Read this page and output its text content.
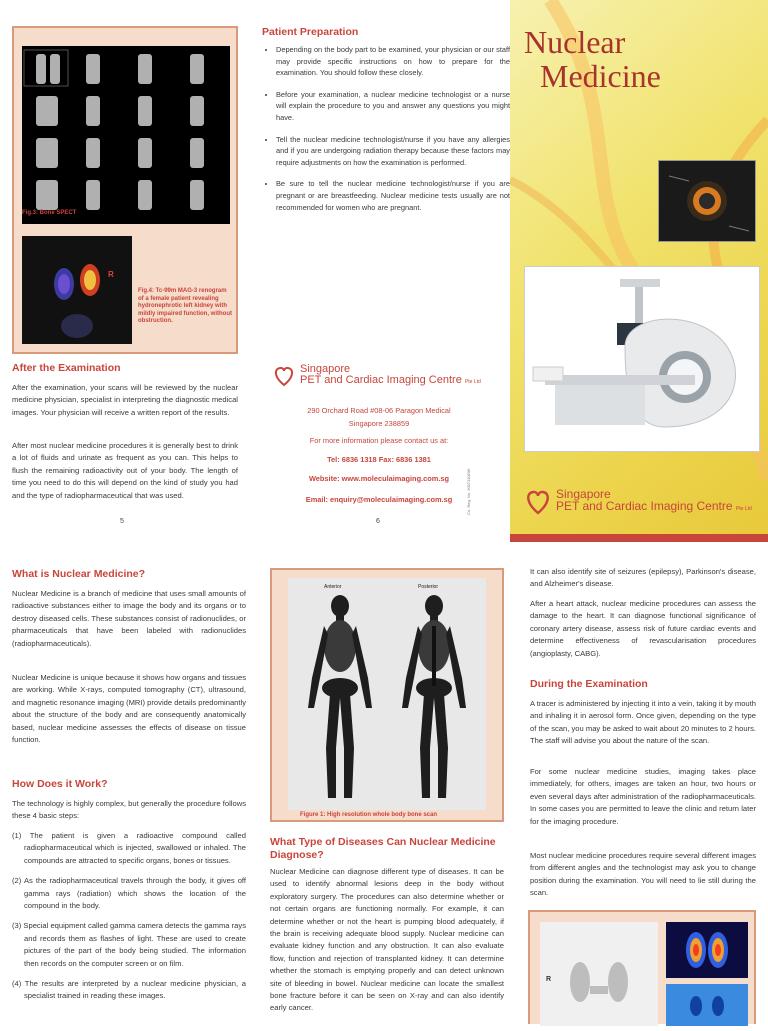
Fig.3: Bone SPECT
R
Fig.4: Tc-99m MAG-3 renogram of a female patient revealing hydronephrotic left kidney with mildly impaired function, without obstruction.
After the Examination

After the examination, your scans will be reviewed by the nuclear medicine physician, specialist in interpreting the diagnostic medical images. Your physician will receive a written report of the results.

After most nuclear medicine procedures it is generally best to drink a lot of fluids and urinate as frequent as you can. This helps to flush the remaining radioactivity out of your body. The length of time you need to do this will depend on the kind of study you had and the type of radiopharmaceutical that was used.

5
Patient Preparation
• Depending on the body part to be examined, your physician or our staff may provide specific instructions on how to prepare for the examination. You should follow these closely.
• Before your examination, a nuclear medicine technologist or a nurse will explain the procedure to you and answer any questions you might have.
• Tell the nuclear medicine technologist/nurse if you have any allergies and if you are undergoing radiation therapy because these factors may require adjustments on how the examination is performed.
• Be sure to tell the nuclear medicine technologist/nurse if you are pregnant or are breastfeeding. Nuclear medicine tests usually are not recommended for women who are pregnant.
Singapore
PET and Cardiac Imaging Centre Pte Ltd
290 Orchard Road #08-06 Paragon Medical
Singapore 238859
For more information please contact us at:
Tel: 6836 1318 Fax: 6836 1381
Website: www.moleculaimaging.com.sg
Email: enquiry@moleculaimaging.com.sg	Co. Reg. No. 200711083K
6
Nuclear
Medicine
Singapore
PET and Cardiac Imaging Centre Pte Ltd
What is Nuclear Medicine?

Nuclear Medicine is a branch of medicine that uses small amounts of radioactive substances either to image the body and its organs or to destroy diseased cells. These substances consist of radionuclides, or pharmaceuticals that have been labeled with radionuclides (radiopharmaceuticals).

Nuclear Medicine is unique because it shows how organs and tissues are working. While X-rays, computed tomography (CT), ultrasound, and magnetic resonance imaging (MRI) provide details predominantly about the structure of the body and are consequently anatomically based, nuclear medicine assesses the effects of disease on tissue function.

How Does it Work?

The technology is highly complex, but generally the procedure follows these 4 basic steps:

(1) The patient is given a radioactive compound called radiopharmaceutical which is injected, swallowed or inhaled. The compounds are attracted to specific organs, bones or tissues.
(2) As the radiopharmaceutical travels through the body, it gives off gamma rays (radiation) which shows the location of the compound in the body.
(3) Special equipment called gamma camera detects the gamma rays and records them as flashes of light. These are used to create pictures of the part of the body being studied. The information then records on the computer screen or on film.
(4) The results are interpreted by a nuclear medicine physician, a specialist trained in reading these images.
Anterior	Posterior
Figure 1: High resolution whole body bone scan
What Type of Diseases Can Nuclear Medicine Diagnose?

Nuclear Medicine can diagnose different type of diseases. It can be used to identify abnormal lesions deep in the body without exploratory surgery. The procedures can also determine whether or not certain organs are functioning normally. For example, it can determine whether or not the heart is pumping blood adequately, if the brain is receiving adequate blood supply. Nuclear medicine can evaluate kidney function and any obstruction. It can also evaluate flow, function and rejection of transplanted kidney. It can determine whether the stomach is emptying properly and can detect unknown site of bleeding in bowel. Nuclear medicine can locate the smallest bone fracture before it can be seen on X-ray and can also identify early cancer.

It can also identify site of seizures (epilepsy), Parkinson's disease, and Alzheimer's disease.

After a heart attack, nuclear medicine procedures can assess the damage to the heart. It can diagnose functional significance of coronary artery disease, assess risk of future cardiac events and determine effectiveness of revascularisation procedures (angioplasty, CABG).

During the Examination

A tracer is administered by injecting it into a vein, taking it by mouth and inhaling it in aerosol form. Once given, depending on the type of the scan, you may be asked to wait about 20 minutes to 2 hours. The staff will advise you about the nature of the scan.

For some nuclear medicine studies, imaging takes place immediately, for others, images are taken an hour, two hours or even several days after administration of the radiopharmaceuticals. In some cases you are permitted to leave the clinic and return later for the imaging procedure.

Most nuclear medicine procedures require several different images from different angles and the technologist may ask you to change position during the examination. You will need to lie still during the scan.

R
